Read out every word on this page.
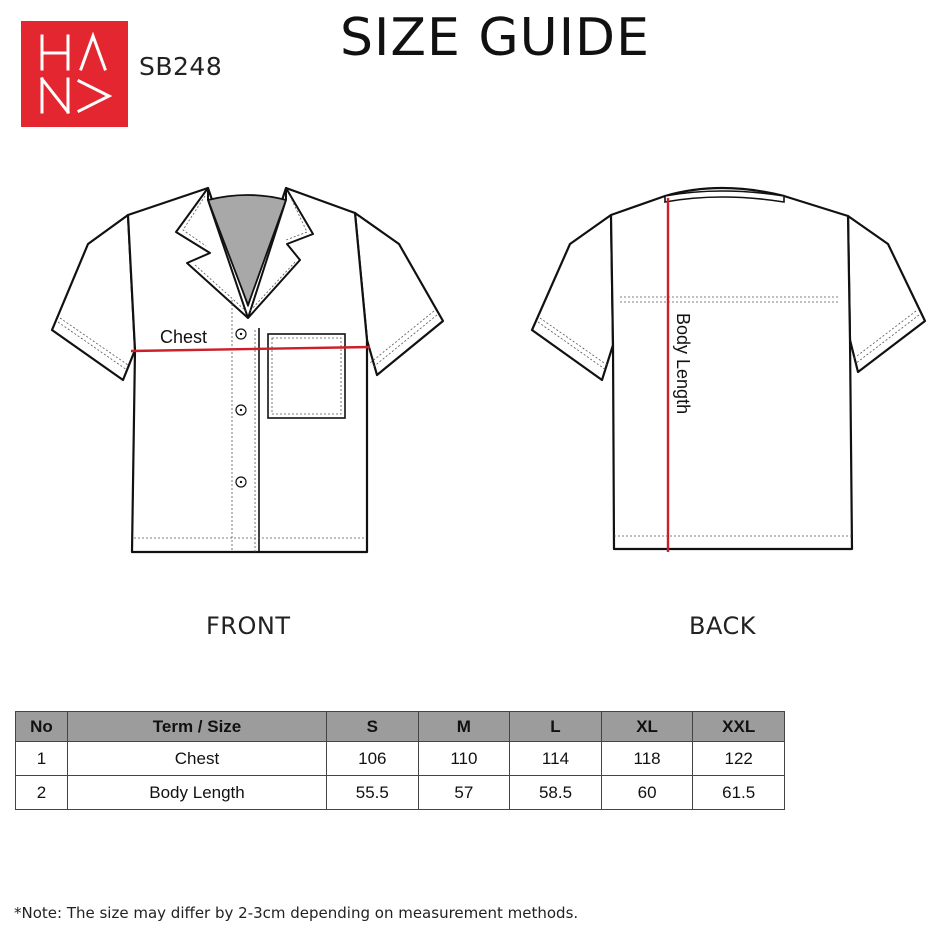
SB248	SIZE GUIDE
Chest	Body Length
FRONT	BACK
No	Term / Size	S	M	L	XL	XXL
1	Chest	106	110	114	118	122
2	Body Length	55.5	57	58.5	60	61.5
*Note: The size may differ by 2-3cm depending on measurement methods.
